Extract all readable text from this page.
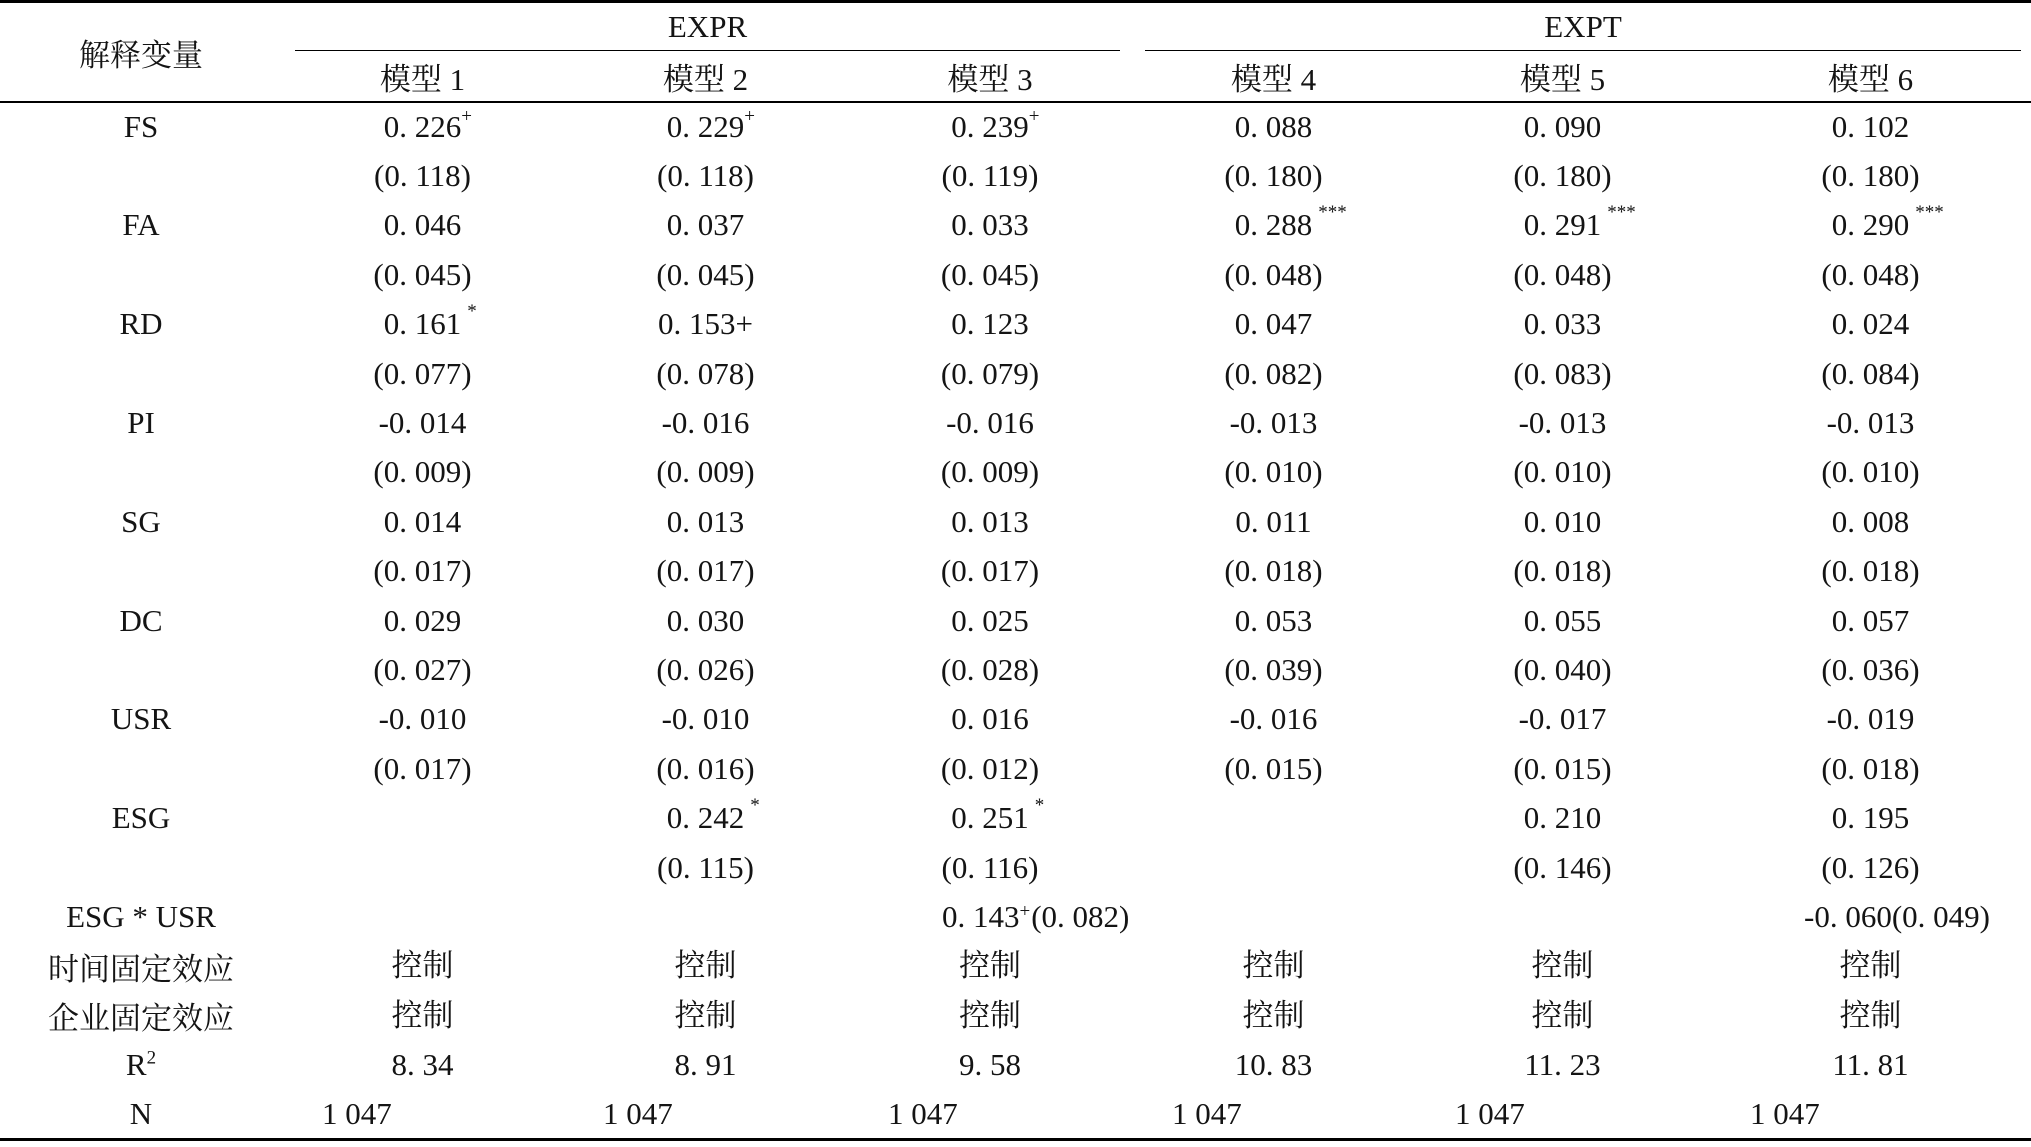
解释变量	EXPR			EXPT		

	模型 1	模型 2	模型 3	模型 4	模型 5	模型 6
FS	0. 226 +	0. 229 +	0. 239 +	0. 088	0. 090	0. 102
	(0. 118)	(0. 118)	(0. 119)	(0. 180)	(0. 180)	(0. 180)
FA	0. 046	0. 037	0. 033	0. 288 ***	0. 291 ***	0. 290 ***

	(0. 045)	(0. 045)	(0. 045)	(0. 048)	(0. 048)	(0. 048)
RD	0. 161 *	0. 153+	0. 123	0. 047	0. 033	0. 024
	(0. 077)	(0. 078)	(0. 079)	(0. 082)	(0. 083)	(0. 084)
PI	-0. 014	-0. 016	-0. 016	-0. 013	-0. 013	-0. 013
	(0. 009)	(0. 009)	(0. 009)	(0. 010)	(0. 010)	(0. 010)
SG	0. 014	0. 013	0. 013	0. 011	0. 010	0. 008
	(0. 017)	(0. 017)	(0. 017)	(0. 018)	(0. 018)	(0. 018)
DC	0. 029	0. 030	0. 025	0. 053	0. 055	0. 057
	(0. 027)	(0. 026)	(0. 028)	(0. 039)	(0. 040)	(0. 036)
USR	-0. 010	-0. 010	0. 016	-0. 016	-0. 017	-0. 019
	(0. 017)	(0. 016)	(0. 012)	(0. 015)	(0. 015)	(0. 018)
ESG		0. 242 *	0. 251 *		0. 210	0. 195
		(0. 115)	(0. 116)		(0. 146)	(0. 126)
ESG * USR			0. 143+(0. 082)			-0. 060(0. 049)
时间固定效应	控制	控制	控制	控制	控制	控制
企业固定效应	控制	控制	控制	控制	控制	控制
$R^2$	8. 34	8. 91	9. 58	10. 83	11. 23	11. 81
N	1 047	1 047	1 047	1 047	1 047	1 047
